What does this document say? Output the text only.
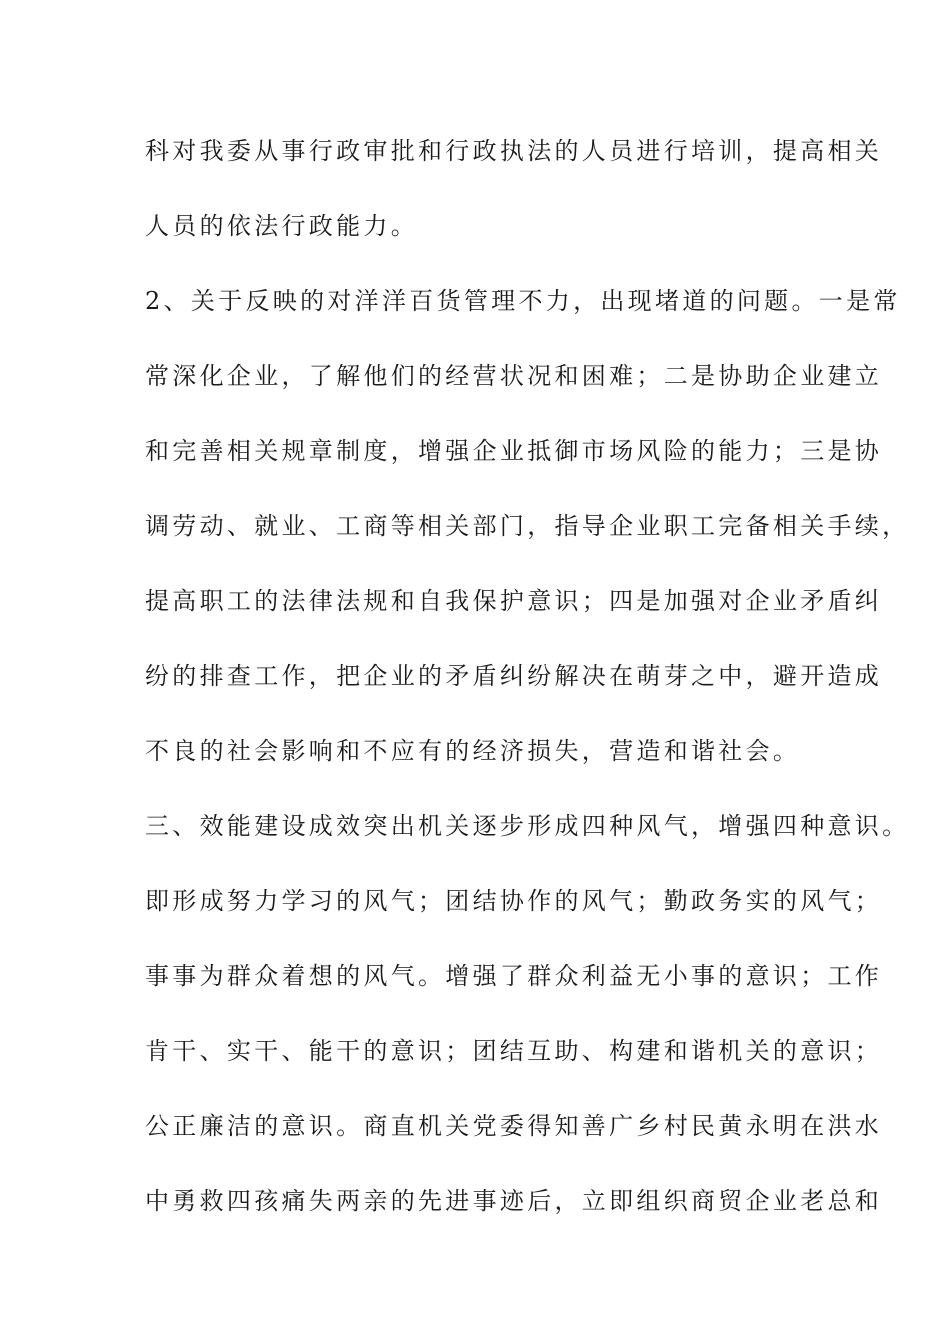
科对我委从事行政审批和行政执法的人员进行培训，提高相关
人员的依法行政能力。
2、关于反映的对洋洋百货管理不力，出现堵道的问题。一是常
常深化企业，了解他们的经营状况和困难；二是协助企业建立
和完善相关规章制度，增强企业抵御市场风险的能力；三是协
调劳动、就业、工商等相关部门，指导企业职工完备相关手续，
提高职工的法律法规和自我保护意识；四是加强对企业矛盾纠
纷的排查工作，把企业的矛盾纠纷解决在萌芽之中，避开造成
不良的社会影响和不应有的经济损失，营造和谐社会。
三、效能建设成效突出机关逐步形成四种风气，增强四种意识。
即形成努力学习的风气；团结协作的风气；勤政务实的风气；
事事为群众着想的风气。增强了群众利益无小事的意识；工作
肯干、实干、能干的意识；团结互助、构建和谐机关的意识；
公正廉洁的意识。商直机关党委得知善广乡村民黄永明在洪水
中勇救四孩痛失两亲的先进事迹后，立即组织商贸企业老总和
